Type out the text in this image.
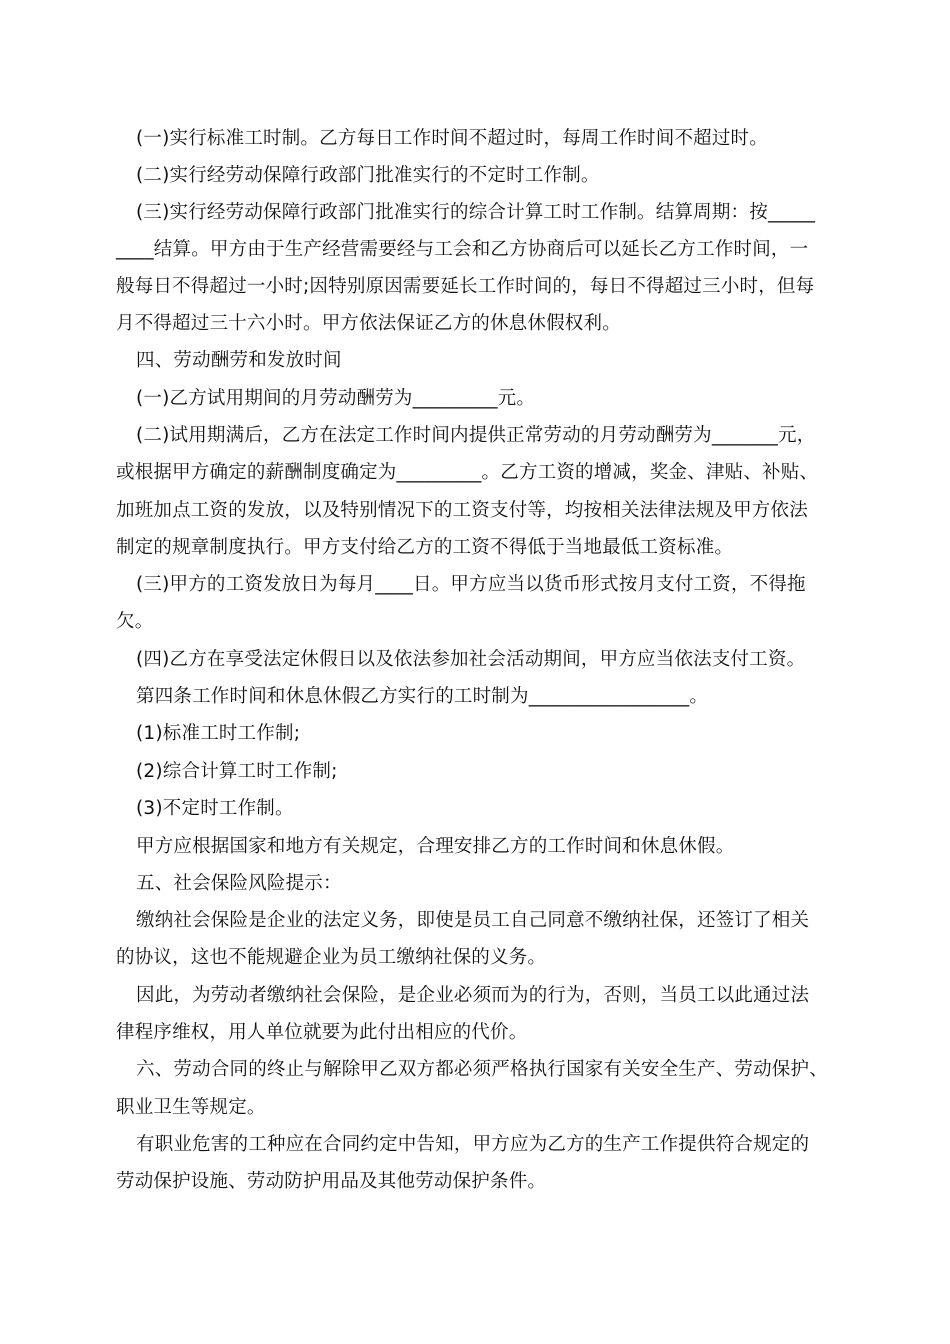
(一)实行标准工时制。乙方每日工作时间不超过时，每周工作时间不超过时。
(二)实行经劳动保障行政部门批准实行的不定时工作制。
(三)实行经劳动保障行政部门批准实行的综合计算工时工作制。结算周期：按_____
____结算。甲方由于生产经营需要经与工会和乙方协商后可以延长乙方工作时间，一
般每日不得超过一小时;因特别原因需要延长工作时间的，每日不得超过三小时，但每
月不得超过三十六小时。甲方依法保证乙方的休息休假权利。
四、劳动酬劳和发放时间
(一)乙方试用期间的月劳动酬劳为_________元。
(二)试用期满后，乙方在法定工作时间内提供正常劳动的月劳动酬劳为_______元，
或根据甲方确定的薪酬制度确定为_________。乙方工资的增减，奖金、津贴、补贴、
加班加点工资的发放，以及特别情况下的工资支付等，均按相关法律法规及甲方依法
制定的规章制度执行。甲方支付给乙方的工资不得低于当地最低工资标准。
(三)甲方的工资发放日为每月____日。甲方应当以货币形式按月支付工资，不得拖
欠。
(四)乙方在享受法定休假日以及依法参加社会活动期间，甲方应当依法支付工资。
第四条工作时间和休息休假乙方实行的工时制为_________________。
(1)标准工时工作制;
(2)综合计算工时工作制;
(3)不定时工作制。
甲方应根据国家和地方有关规定，合理安排乙方的工作时间和休息休假。
五、社会保险风险提示：
缴纳社会保险是企业的法定义务，即使是员工自己同意不缴纳社保，还签订了相关
的协议，这也不能规避企业为员工缴纳社保的义务。
因此，为劳动者缴纳社会保险，是企业必须而为的行为，否则，当员工以此通过法
律程序维权，用人单位就要为此付出相应的代价。
六、劳动合同的终止与解除甲乙双方都必须严格执行国家有关安全生产、劳动保护、
职业卫生等规定。
有职业危害的工种应在合同约定中告知，甲方应为乙方的生产工作提供符合规定的
劳动保护设施、劳动防护用品及其他劳动保护条件。
